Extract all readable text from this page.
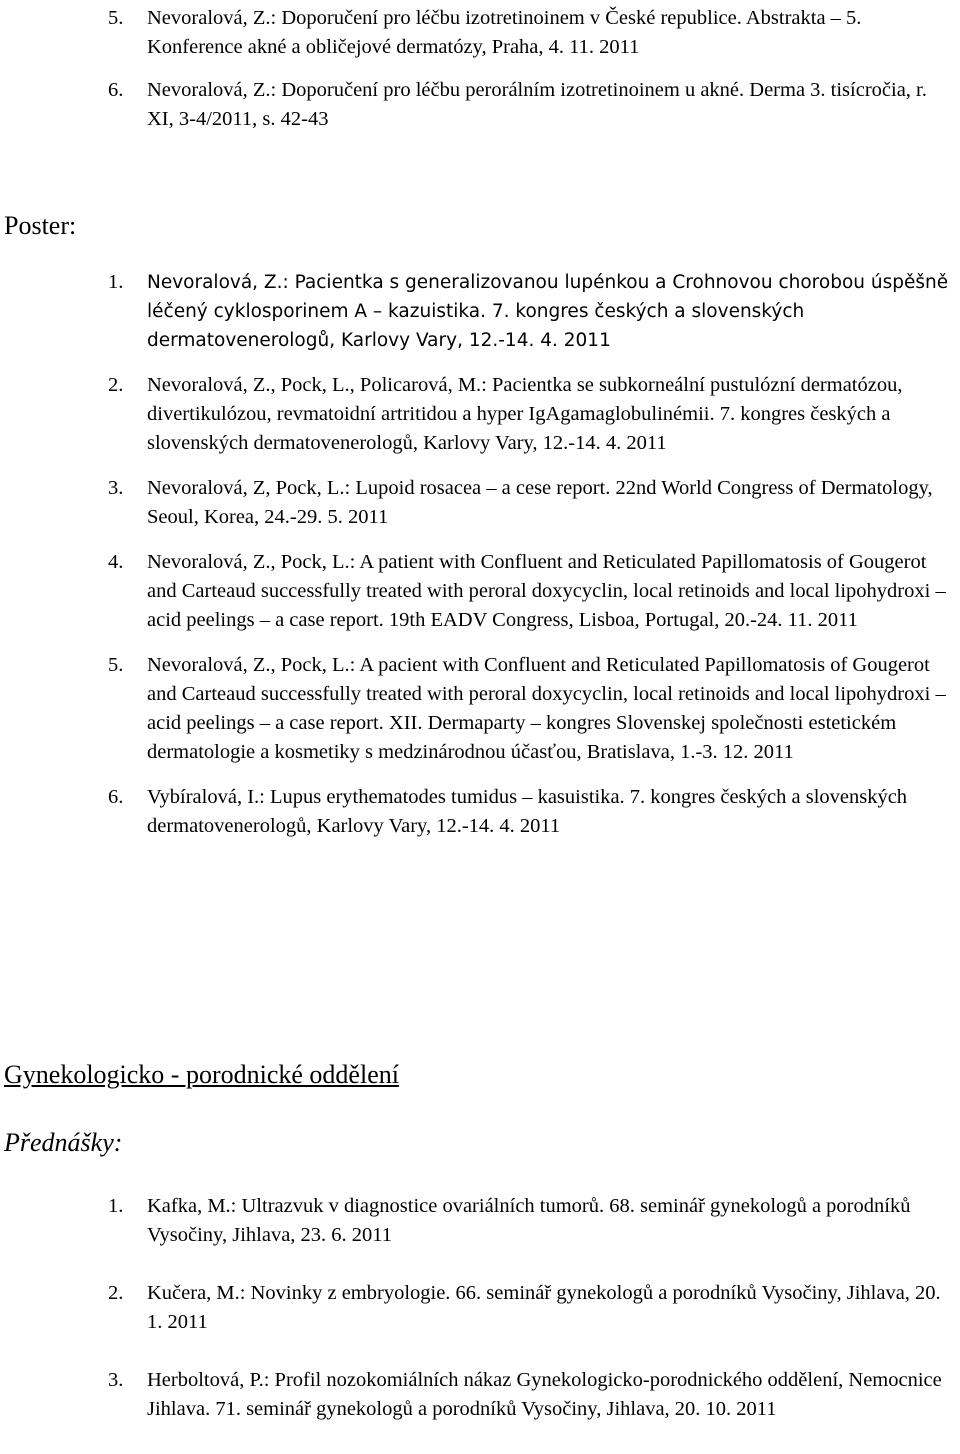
5. Nevoralová, Z.: Doporučení pro léčbu izotretinoinem v České republice. Abstrakta – 5. Konference akné a obličejové dermatózy, Praha, 4. 11. 2011
6. Nevoralová, Z.: Doporučení pro léčbu perorálním izotretinoinem u akné. Derma 3. tisícročia, r. XI, 3-4/2011, s. 42-43
Poster:
1. Nevoralová, Z.: Pacientka s generalizovanou lupénkou a Crohnovou chorobou úspěšně léčený cyklosporinem A – kazuistika. 7. kongres českých a slovenských dermatovenerologů, Karlovy Vary, 12.-14. 4. 2011
2. Nevoralová, Z., Pock, L., Policarová, M.: Pacientka se subkorneální pustulózní dermatózou, divertikulózou, revmatoidní artritidou a hyper IgAgamaglobulinémii. 7. kongres českých a slovenských dermatovenerologů, Karlovy Vary, 12.-14. 4. 2011
3. Nevoralová, Z, Pock, L.: Lupoid rosacea – a cese report. 22nd World Congress of Dermatology, Seoul, Korea, 24.-29. 5. 2011
4. Nevoralová, Z., Pock, L.: A patient with Confluent and Reticulated Papillomatosis of Gougerot and Carteaud successfully treated with peroral doxycyclin, local retinoids and local lipohydroxi –acid peelings – a case report. 19th EADV Congress, Lisboa, Portugal, 20.-24. 11. 2011
5. Nevoralová, Z., Pock, L.: A pacient with Confluent and Reticulated Papillomatosis of Gougerot and Carteaud successfully treated with peroral doxycyclin, local retinoids and local lipohydroxi – acid peelings – a case report. XII. Dermaparty – kongres Slovenskej společnosti estetickém dermatologie a kosmetiky s medzinárodnou účasťou, Bratislava, 1.-3. 12. 2011
6. Vybíralová, I.: Lupus erythematodes tumidus – kasuistika. 7. kongres českých a slovenských dermatovenerologů, Karlovy Vary, 12.-14. 4. 2011
Gynekologicko - porodnické oddělení
Přednášky:
1. Kafka, M.: Ultrazvuk v diagnostice ovariálních tumorů. 68. seminář gynekologů a porodníků Vysočiny, Jihlava, 23. 6. 2011
2. Kučera, M.: Novinky z embryologie. 66. seminář gynekologů a porodníků Vysočiny, Jihlava, 20. 1. 2011
3. Herboltová, P.: Profil nozokomiálních nákaz Gynekologicko-porodnického oddělení, Nemocnice Jihlava. 71. seminář gynekologů a porodníků Vysočiny, Jihlava, 20. 10. 2011
